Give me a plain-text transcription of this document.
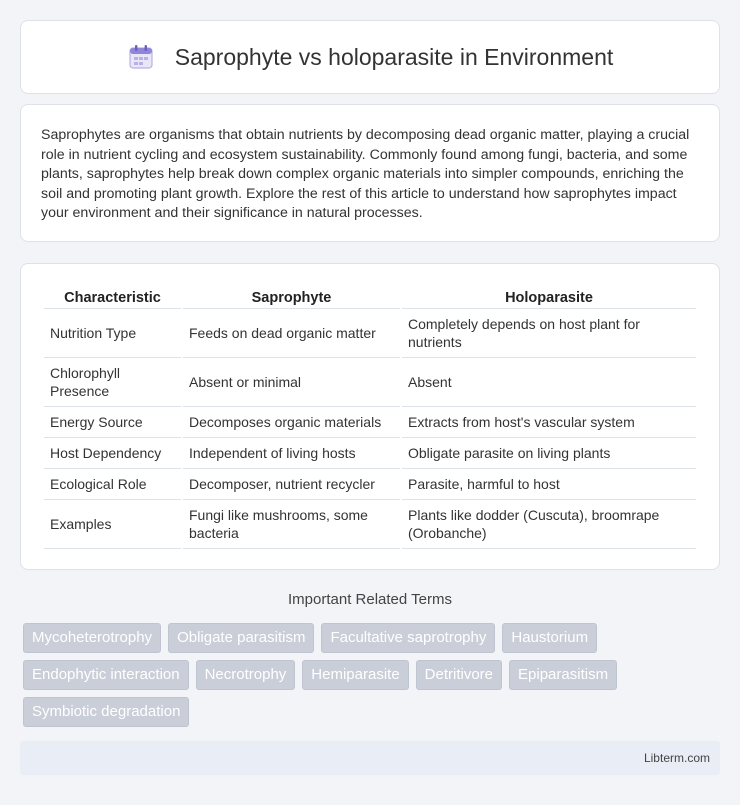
Saprophyte vs holoparasite in Environment

Saprophytes are organisms that obtain nutrients by decomposing dead organic matter, playing a crucial role in nutrient cycling and ecosystem sustainability. Commonly found among fungi, bacteria, and some plants, saprophytes help break down complex organic materials into simpler compounds, enriching the soil and promoting plant growth. Explore the rest of this article to understand how saprophytes impact your environment and their significance in natural processes.

Characteristic	Saprophyte	Holoparasite
Nutrition Type	Feeds on dead organic matter	Completely depends on host plant for nutrients
Chlorophyll Presence	Absent or minimal	Absent
Energy Source	Decomposes organic materials	Extracts from host's vascular system
Host Dependency	Independent of living hosts	Obligate parasite on living plants
Ecological Role	Decomposer, nutrient recycler	Parasite, harmful to host
Examples	Fungi like mushrooms, some bacteria	Plants like dodder (Cuscuta), broomrape (Orobanche)
Important Related Terms
Mycoheterotrophy	Obligate parasitism	Facultative saprotrophy	Haustorium
Endophytic interaction	Necrotrophy	Hemiparasite	Detritivore	Epiparasitism
Symbiotic degradation
Libterm.com
